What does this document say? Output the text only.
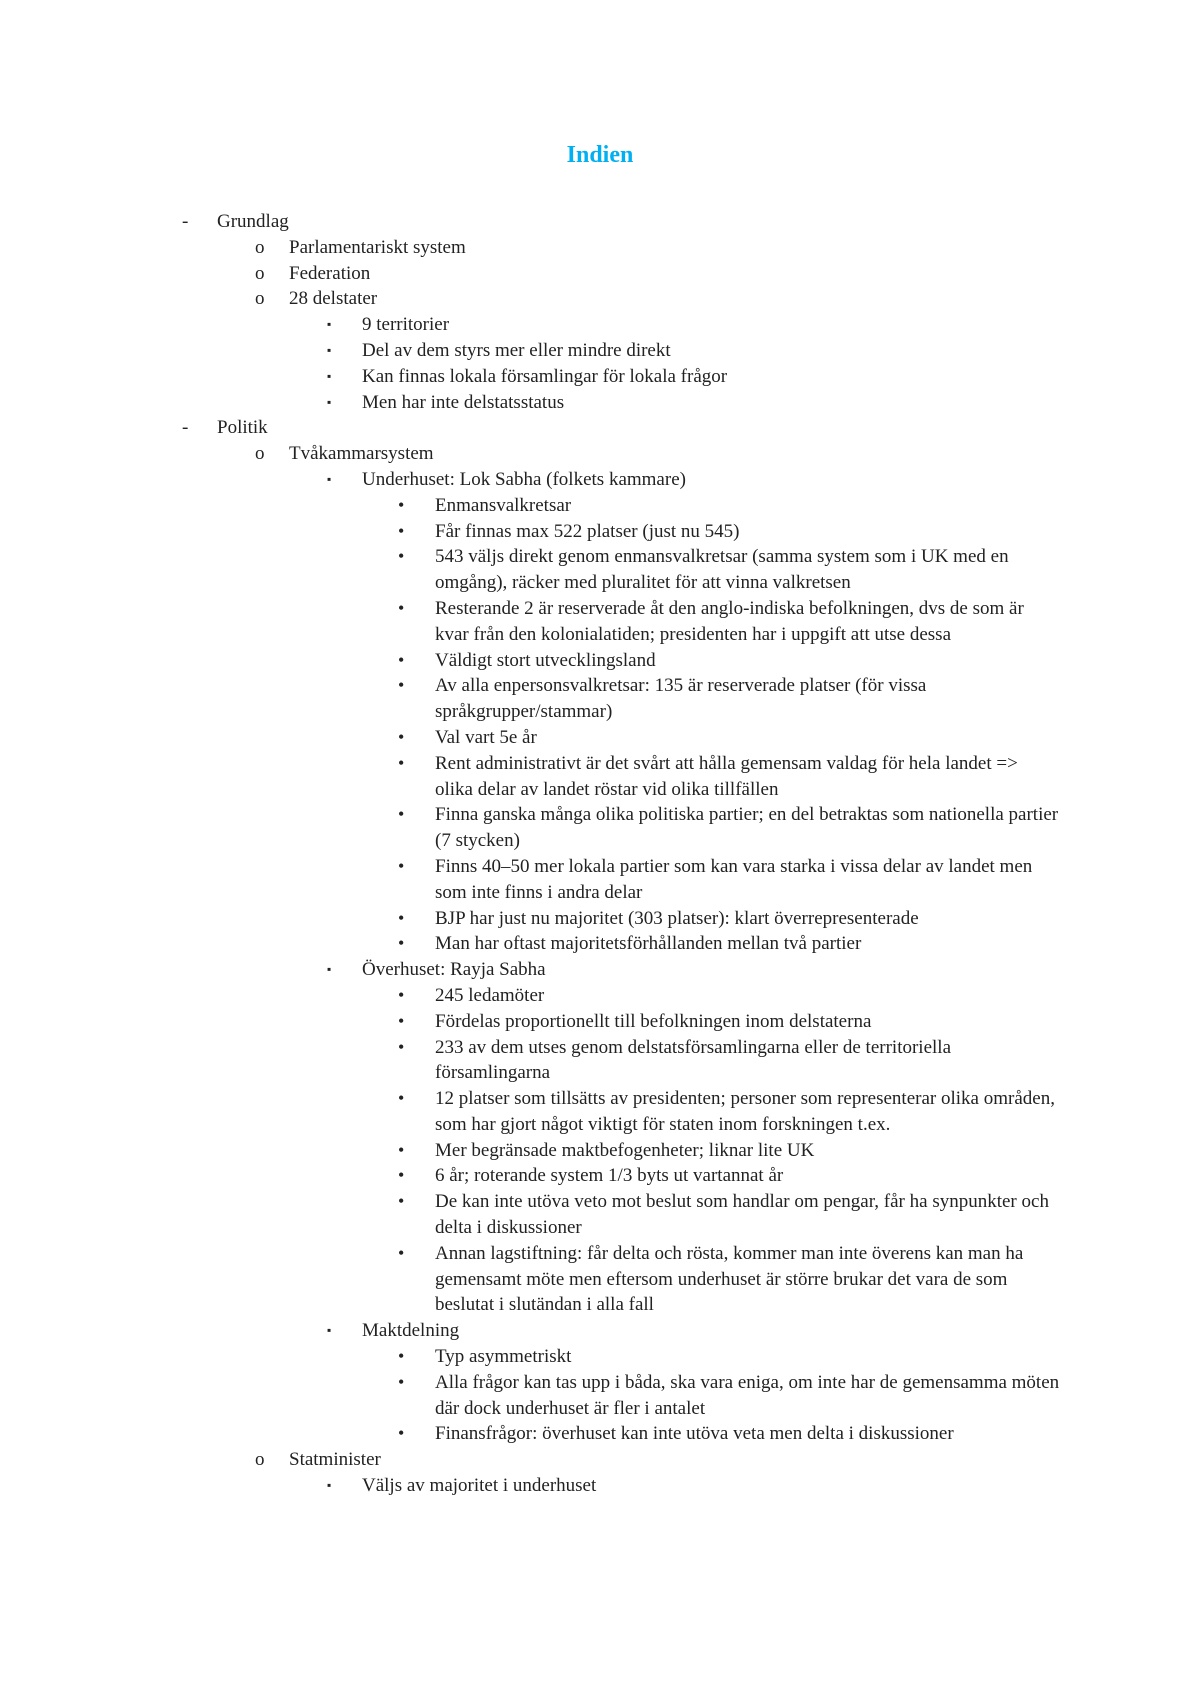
Indien
- Grundlag
o Parlamentariskt system
o Federation
o 28 delstater
▪ 9 territorier
▪ Del av dem styrs mer eller mindre direkt
▪ Kan finnas lokala församlingar för lokala frågor
▪ Men har inte delstatsstatus
- Politik
o Tvåkammarsystem
▪ Underhuset: Lok Sabha (folkets kammare)
• Enmansvalkretsar
• Får finnas max 522 platser (just nu 545)
• 543 väljs direkt genom enmansvalkretsar (samma system som i UK med en omgång), räcker med pluralitet för att vinna valkretsen
• Resterande 2 är reserverade åt den anglo-indiska befolkningen, dvs de som är kvar från den kolonialatiden; presidenten har i uppgift att utse dessa
• Väldigt stort utvecklingsland
• Av alla enpersonsvalkretsar: 135 är reserverade platser (för vissa språkgrupper/stammar)
• Val vart 5e år
• Rent administrativt är det svårt att hålla gemensam valdag för hela landet => olika delar av landet röstar vid olika tillfällen
• Finna ganska många olika politiska partier; en del betraktas som nationella partier (7 stycken)
• Finns 40–50 mer lokala partier som kan vara starka i vissa delar av landet men som inte finns i andra delar
• BJP har just nu majoritet (303 platser): klart överrepresenterade
• Man har oftast majoritetsförhållanden mellan två partier
▪ Överhuset: Rayja Sabha
• 245 ledamöter
• Fördelas proportionellt till befolkningen inom delstaterna
• 233 av dem utses genom delstatsförsamlingarna eller de territoriella församlingarna
• 12 platser som tillsätts av presidenten; personer som representerar olika områden, som har gjort något viktigt för staten inom forskningen t.ex.
• Mer begränsade maktbefogenheter; liknar lite UK
• 6 år; roterande system 1/3 byts ut vartannat år
• De kan inte utöva veto mot beslut som handlar om pengar, får ha synpunkter och delta i diskussioner
• Annan lagstiftning: får delta och rösta, kommer man inte överens kan man ha gemensamt möte men eftersom underhuset är större brukar det vara de som beslutat i slutändan i alla fall
▪ Maktdelning
• Typ asymmetriskt
• Alla frågor kan tas upp i båda, ska vara eniga, om inte har de gemensamma möten där dock underhuset är fler i antalet
• Finansfrågor: överhuset kan inte utöva veta men delta i diskussioner
o Statminister
▪ Väljs av majoritet i underhuset
